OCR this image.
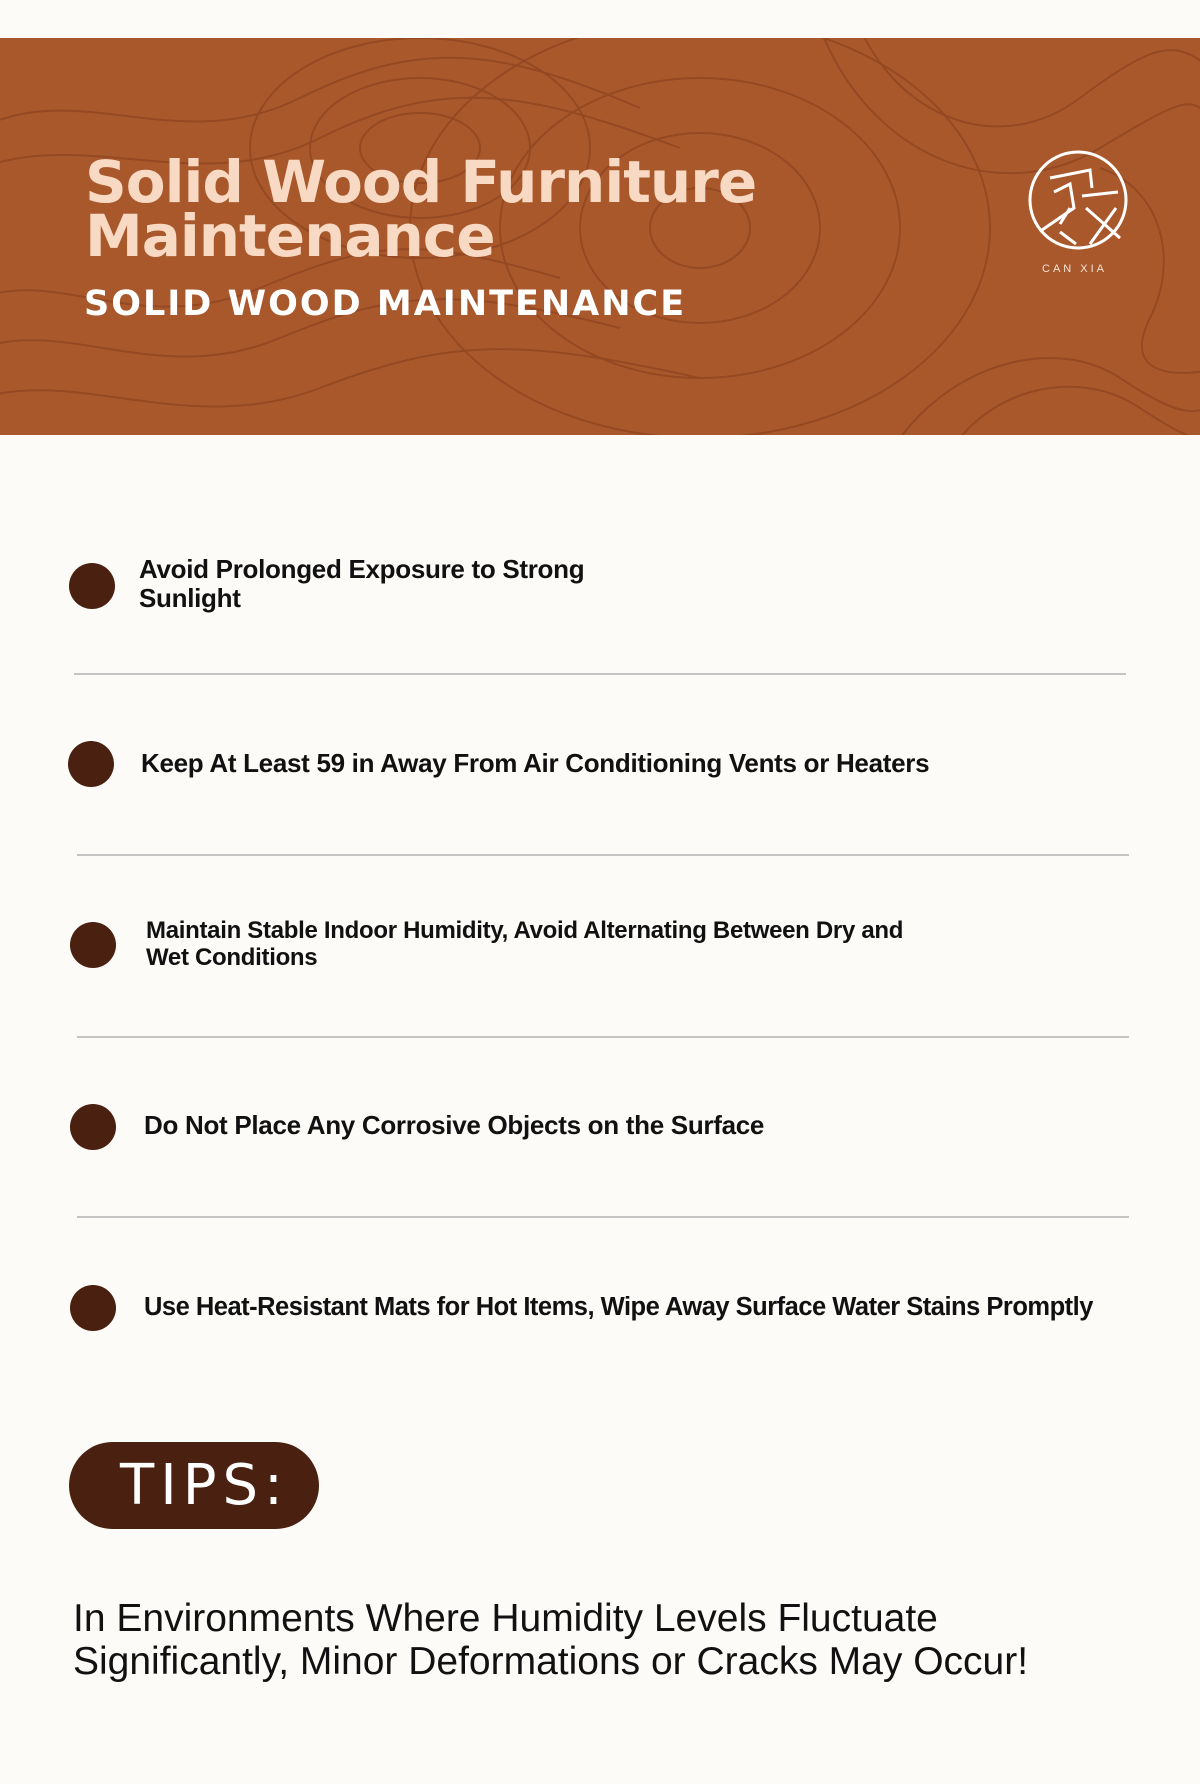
CAN XIA
Solid Wood Furniture
Maintenance
SOLID WOOD MAINTENANCE
Avoid Prolonged Exposure to Strong
Sunlight
Keep At Least 59 in Away From Air Conditioning Vents or Heaters
Maintain Stable Indoor Humidity, Avoid Alternating Between Dry and
Wet Conditions
Do Not Place Any Corrosive Objects on the Surface
Use Heat-Resistant Mats for Hot Items, Wipe Away Surface Water Stains Promptly
TIPS:
In Environments Where Humidity Levels Fluctuate
Significantly, Minor Deformations or Cracks May Occur!
